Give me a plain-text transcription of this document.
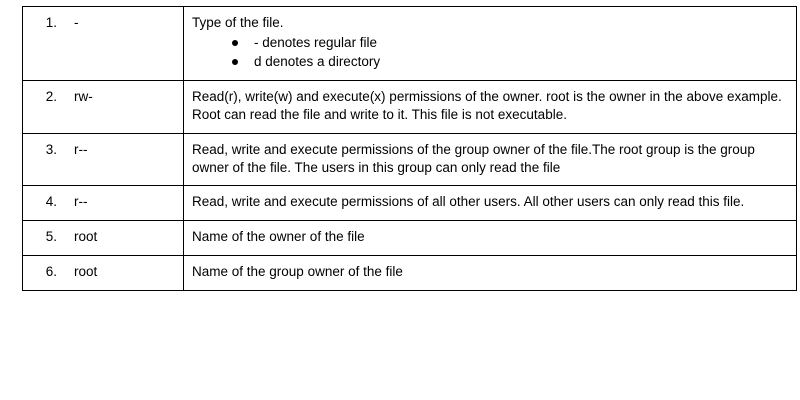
1.	-	Type of the file.

- denotes regular file
d denotes a directory

2. rw-	Read(r), write(w) and execute(x) permissions of the owner. root is the owner in the above example. Root can read the file and write to it. This file is not executable.

3. r--	Read, write and execute permissions of the group owner of the file.The root group is the group owner of the file. The users in this group can only read the file

4. r--	Read, write and execute permissions of all other users. All other users can only read this file.

5. root	Name of the owner of the file

6. root	Name of the group owner of the file
